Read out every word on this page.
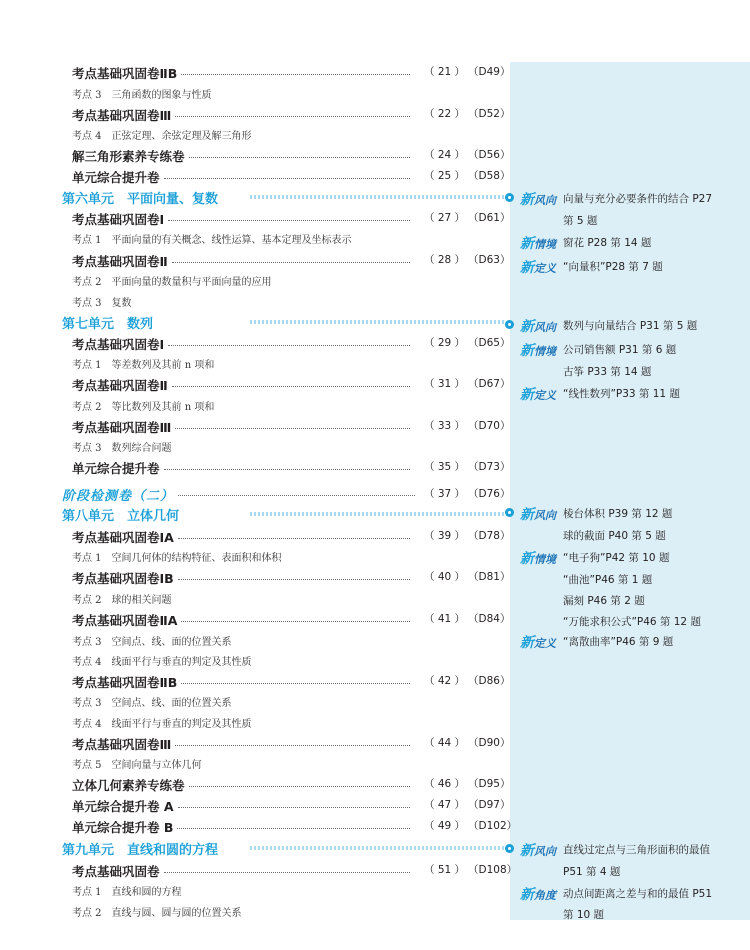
考点基础巩固卷ⅡB	（ 21 ） （D49）
考点 3　三角函数的图象与性质
考点基础巩固卷Ⅲ	（ 22 ） （D52）
考点 4　正弦定理、余弦定理及解三角形
解三角形素养专练卷	（ 24 ） （D56）
单元综合提升卷	（ 25 ） （D58）
第六单元　平面向量、复数
考点基础巩固卷Ⅰ	（ 27 ） （D61）
考点 1　平面向量的有关概念、线性运算、基本定理及坐标表示
考点基础巩固卷Ⅱ	（ 28 ） （D63）
考点 2　平面向量的数量积与平面向量的应用
考点 3　复数
第七单元　数列
考点基础巩固卷Ⅰ	（ 29 ） （D65）
考点 1　等差数列及其前 n 项和
考点基础巩固卷Ⅱ	（ 31 ） （D67）
考点 2　等比数列及其前 n 项和
考点基础巩固卷Ⅲ	（ 33 ） （D70）
考点 3　数列综合问题
单元综合提升卷	（ 35 ） （D73）
阶段检测卷（二）	（ 37 ） （D76）
第八单元　立体几何
考点基础巩固卷ⅠA	（ 39 ） （D78）
考点 1　空间几何体的结构特征、表面积和体积
考点基础巩固卷ⅠB	（ 40 ） （D81）
考点 2　球的相关问题
考点基础巩固卷ⅡA	（ 41 ） （D84）
考点 3　空间点、线、面的位置关系
考点 4　线面平行与垂直的判定及其性质
考点基础巩固卷ⅡB	（ 42 ） （D86）
考点 3　空间点、线、面的位置关系
考点 4　线面平行与垂直的判定及其性质
考点基础巩固卷Ⅲ	（ 44 ） （D90）
考点 5　空间向量与立体几何
立体几何素养专练卷	（ 46 ） （D95）
单元综合提升卷 A	（ 47 ） （D97）
单元综合提升卷 B	（ 49 ） （D102）
第九单元　直线和圆的方程
考点基础巩固卷	（ 51 ） （D108）
考点 1　直线和圆的方程
考点 2　直线与圆、圆与圆的位置关系
新风向 向量与充分必要条件的结合 P27
第 5 题
新情境 窗花 P28 第 14 题
新定义 “向量积”P28 第 7 题
新风向 数列与向量结合 P31 第 5 题
新情境 公司销售额 P31 第 6 题
古筝 P33 第 14 题
新定义 “线性数列”P33 第 11 题
新风向 棱台体积 P39 第 12 题
球的截面 P40 第 5 题
新情境 “电子狗”P42 第 10 题
“曲池”P46 第 1 题
漏刻 P46 第 2 题
“万能求积公式”P46 第 12 题
新定义 “离散曲率”P46 第 9 题
新风向 直线过定点与三角形面积的最值
P51 第 4 题
新角度 动点间距离之差与和的最值 P51
第 10 题
